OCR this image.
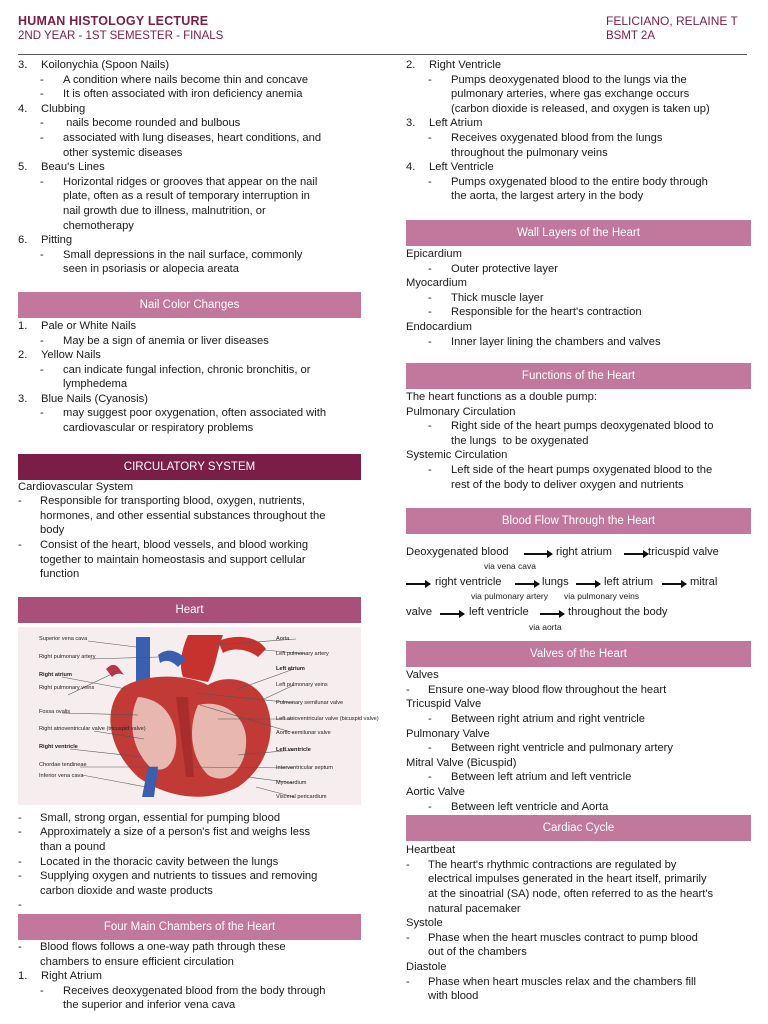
HUMAN HISTOLOGY LECTURE
2ND YEAR - 1ST SEMESTER - FINALS
FELICIANO, RELAINE T
BSMT 2A
3. Koilonychia (Spoon Nails)

- A condition where nails become thin and concave

- It is often associated with iron deficiency anemia

4. Clubbing

- nails become rounded and bulbous

- associated with lung diseases, heart conditions, and

other systemic diseases

5. Beau's Lines

- Horizontal ridges or grooves that appear on the nail

plate, often as a result of temporary interruption in

nail growth due to illness, malnutrition, or

chemotherapy

6. Pitting

- Small depressions in the nail surface, commonly

seen in psoriasis or alopecia areata

Nail Color Changes
1. Pale or White Nails

- May be a sign of anemia or liver diseases

2. Yellow Nails

- can indicate fungal infection, chronic bronchitis, or

lymphedema

3. Blue Nails (Cyanosis)

- may suggest poor oxygenation, often associated with

cardiovascular or respiratory problems

CIRCULATORY SYSTEM
Cardiovascular System

- Responsible for transporting blood, oxygen, nutrients,

hormones, and other essential substances throughout the

body

- Consist of the heart, blood vessels, and blood working

together to maintain homeostasis and support cellular

function

Heart
Superior vena cava
Right pulmonary artery
Right atrium
Right pulmonary veins
Fossa ovalis
Right atrioventricular valve (tricuspid valve)
Right ventricle
Chordae tendineae
Inferior vena cava
Aorta
Left pulmonary artery
Left atrium
Left pulmonary veins
Pulmonary semilunar valve
Left atrioventricular valve (bicuspid valve)
Aortic semilunar valve
Left ventricle
Interventricular septum
Myocardium
Visceral pericardium
- Small, strong organ, essential for pumping blood

- Approximately a size of a person's fist and weighs less

than a pound

- Located in the thoracic cavity between the lungs

- Supplying oxygen and nutrients to tissues and removing

carbon dioxide and waste products

-

Four Main Chambers of the Heart
- Blood flows follows a one-way path through these

chambers to ensure efficient circulation

1. Right Atrium

- Receives deoxygenated blood from the body through

the superior and inferior vena cava

2. Right Ventricle

- Pumps deoxygenated blood to the lungs via the

pulmonary arteries, where gas exchange occurs

(carbon dioxide is released, and oxygen is taken up)

3. Left Atrium

- Receives oxygenated blood from the lungs

throughout the pulmonary veins

4. Left Ventricle

- Pumps oxygenated blood to the entire body through

the aorta, the largest artery in the body

Wall Layers of the Heart
Epicardium

- Outer protective layer

Myocardium

- Thick muscle layer

- Responsible for the heart's contraction

Endocardium

- Inner layer lining the chambers and valves

Functions of the Heart
The heart functions as a double pump:

Pulmonary Circulation

- Right side of the heart pumps deoxygenated blood to

the lungs  to be oxygenated

Systemic Circulation

- Left side of the heart pumps oxygenated blood to the

rest of the body to deliver oxygen and nutrients

Blood Flow Through the Heart
Deoxygenated blood	right atrium	tricuspid valve
via vena cava
right ventricle	lungs	left atrium	mitral
via pulmonary artery via pulmonary veins
valve	left ventricle	throughout the body
via aorta
Valves of the Heart
Valves

- Ensure one-way blood flow throughout the heart

Tricuspid Valve

- Between right atrium and right ventricle

Pulmonary Valve

- Between right ventricle and pulmonary artery

Mitral Valve (Bicuspid)

- Between left atrium and left ventricle

Aortic Valve

- Between left ventricle and Aorta

Cardiac Cycle
Heartbeat

- The heart's rhythmic contractions are regulated by

electrical impulses generated in the heart itself, primarily

at the sinoatrial (SA) node, often referred to as the heart's

natural pacemaker

Systole

- Phase when the heart muscles contract to pump blood

out of the chambers

Diastole

- Phase when heart muscles relax and the chambers fill

with blood
